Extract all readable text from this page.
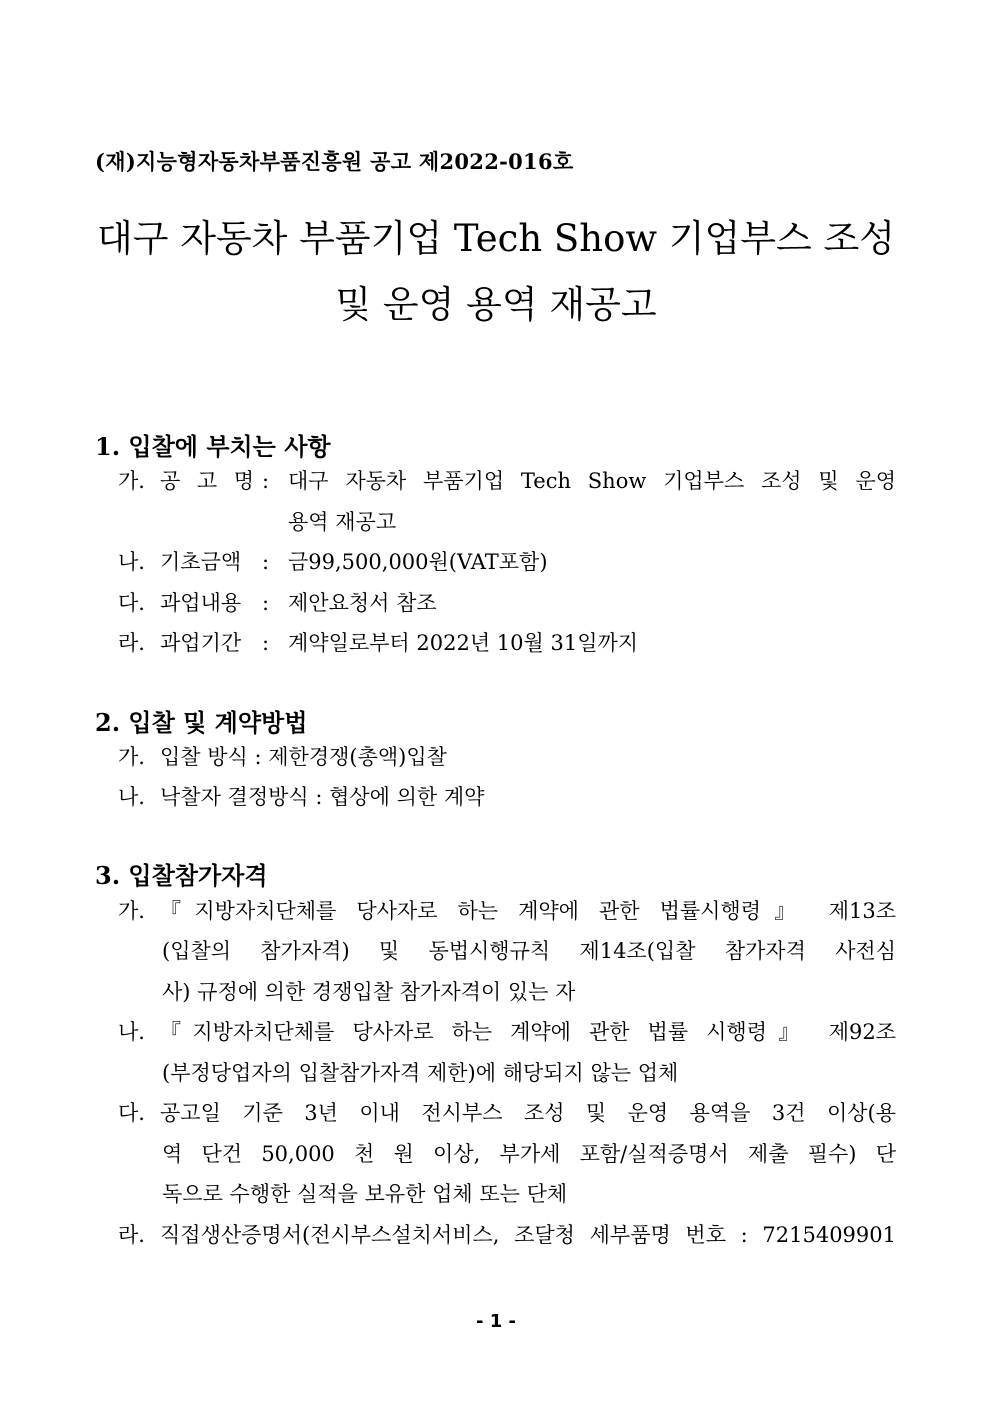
(재)지능형자동차부품진흥원 공고 제2022-016호
대구 자동차 부품기업 Tech Show 기업부스 조성
및 운영 용역 재공고
1. 입찰에 부치는 사항
가. 공 고 명 : 대구 자동차 부품기업 Tech Show 기업부스 조성 및 운영
용역 재공고
나. 기초금액 : 금99,500,000원(VAT포함)
다. 과업내용 : 제안요청서 참조
라. 과업기간 : 계약일로부터 2022년 10월 31일까지
2. 입찰 및 계약방법
가. 입찰 방식 : 제한경쟁(총액)입찰
나. 낙찰자 결정방식 : 협상에 의한 계약
3. 입찰참가자격
가. 『지방자치단체를 당사자로 하는 계약에 관한 법률시행령』 제13조
(입찰의 참가자격) 및 동법시행규칙 제14조(입찰 참가자격 사전심
사) 규정에 의한 경쟁입찰 참가자격이 있는 자
나. 『지방자치단체를 당사자로 하는 계약에 관한 법률 시행령』 제92조
(부정당업자의 입찰참가자격 제한)에 해당되지 않는 업체
다. 공고일 기준 3년 이내 전시부스 조성 및 운영 용역을 3건 이상(용
역 단건 50,000 천 원 이상, 부가세 포함/실적증명서 제출 필수) 단
독으로 수행한 실적을 보유한 업체 또는 단체
라. 직접생산증명서(전시부스설치서비스, 조달청 세부품명 번호 : 7215409901
- 1 -
